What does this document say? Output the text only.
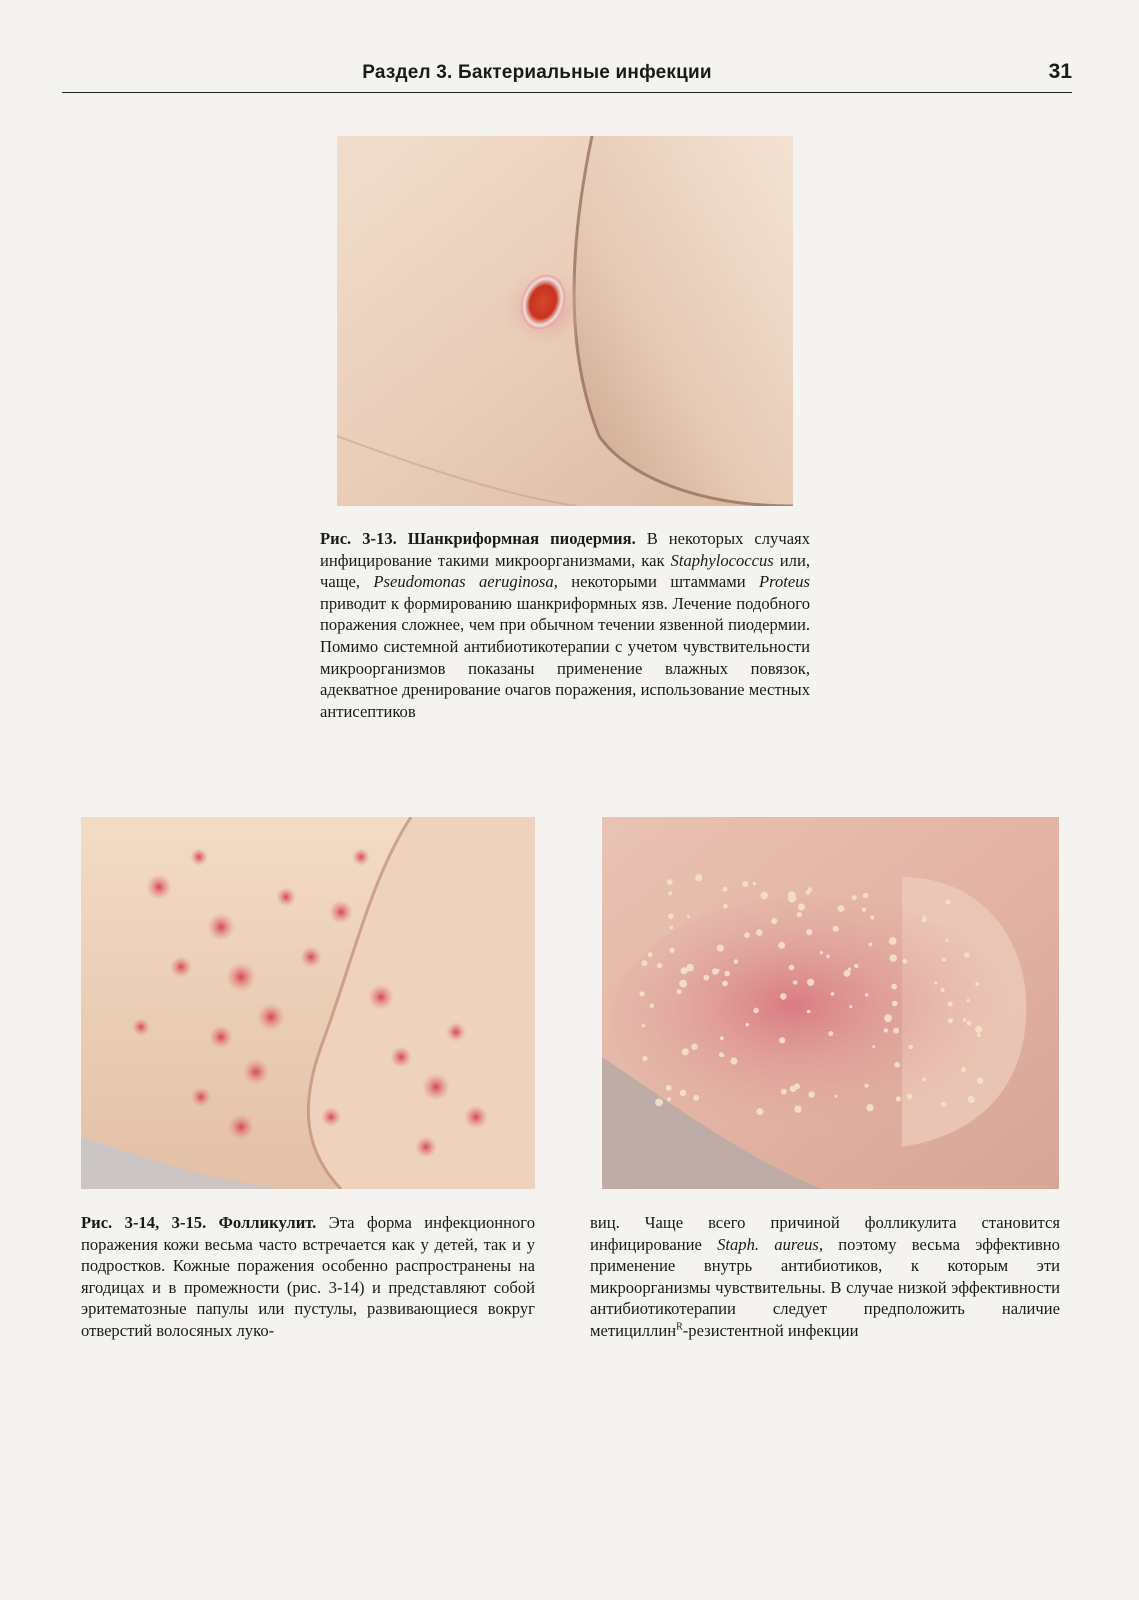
Раздел 3. Бактериальные инфекции	31
Рис. 3-13. Шанкриформная пиодермия. В некоторых случаях инфицирование такими микроорганизмами, как Staphylococcus или, чаще, Pseudomonas aeruginosa, некоторыми штаммами Proteus приводит к формированию шанкриформных язв. Лечение подобного поражения сложнее, чем при обычном течении язвенной пиодермии. Помимо системной антибиотикотерапии с учетом чувствительности микроорганизмов показаны применение влажных повязок, адекватное дренирование очагов поражения, использование местных антисептиков
Рис. 3-14, 3-15. Фолликулит. Эта форма инфекционного поражения кожи весьма часто встречается как у детей, так и у подростков. Кожные поражения особенно распространены на ягодицах и в промежности (рис. 3-14) и представляют собой эритематозные папулы или пустулы, развивающиеся вокруг отверстий волосяных луко-
виц. Чаще всего причиной фолликулита становится инфицирование Staph. aureus, поэтому весьма эффективно применение внутрь антибиотиков, к которым эти микроорганизмы чувствительны. В случае низкой эффективности антибиотикотерапии следует предположить наличие метициллин$^R$-резистентной инфекции
